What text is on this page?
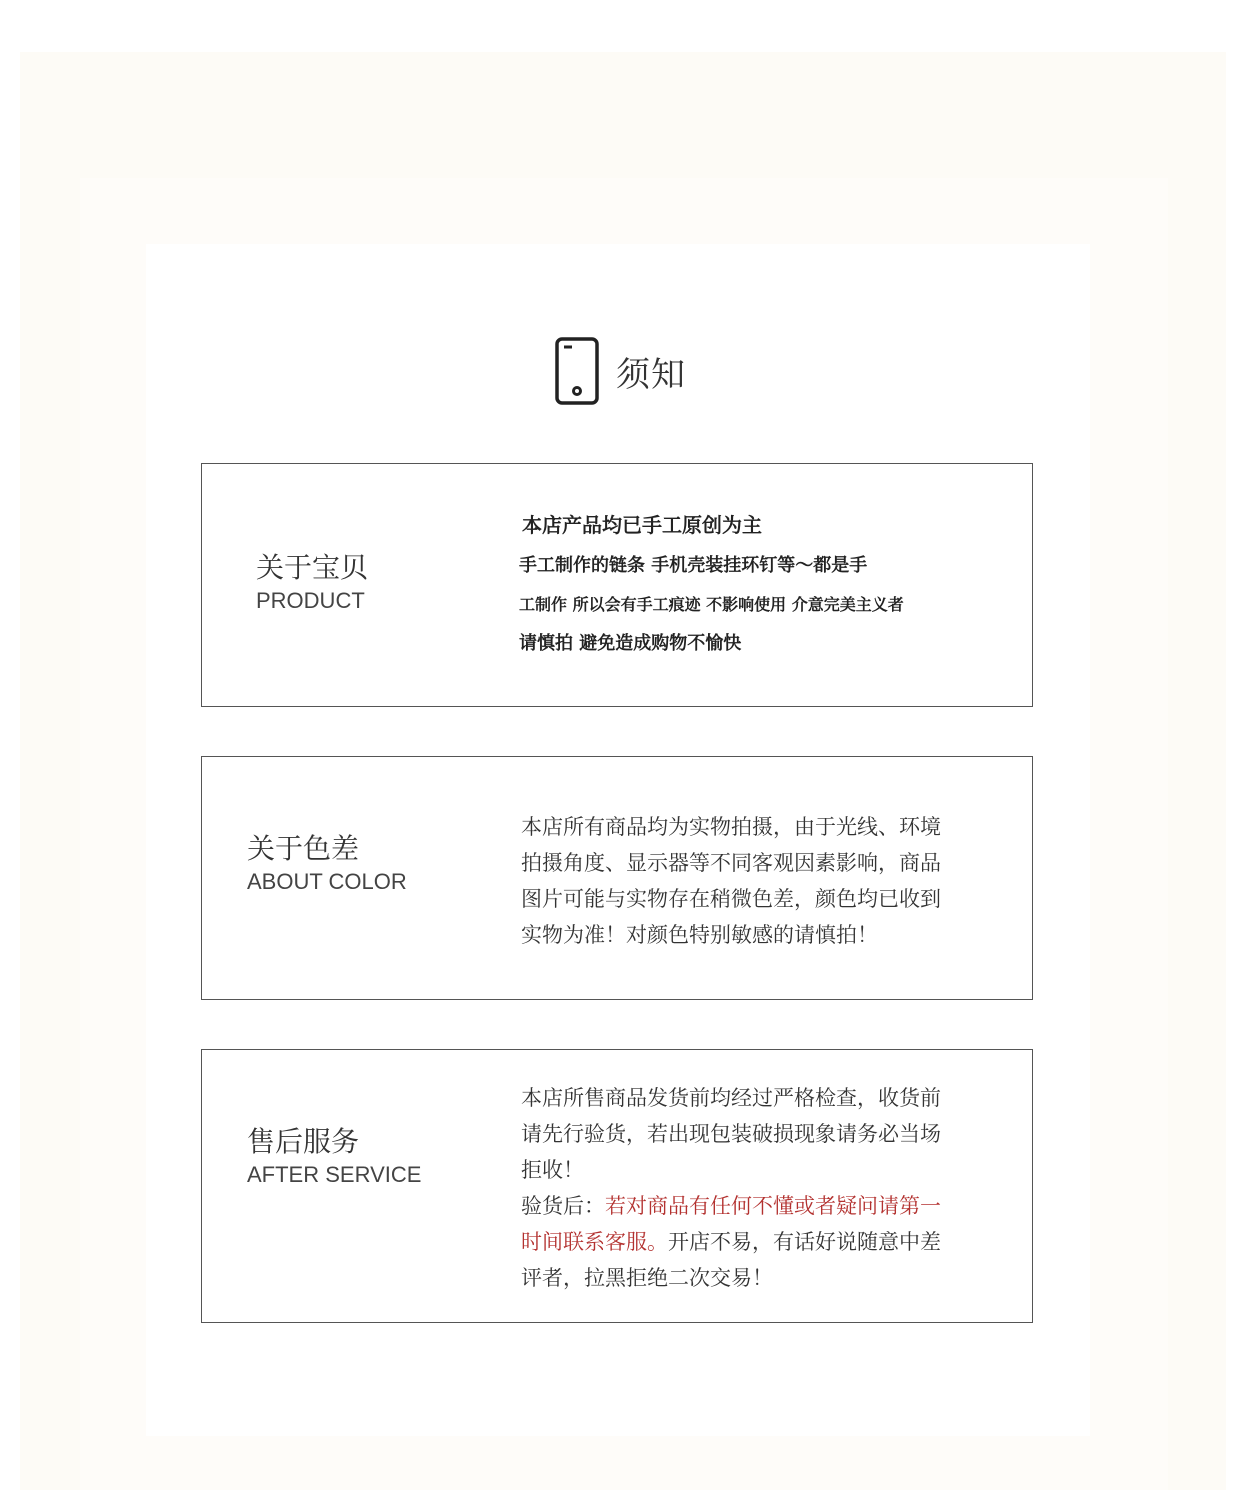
须知
关于宝贝
PRODUCT
本店产品均已手工原创为主
手工制作的链条 手机壳装挂环钉等～都是手
工制作 所以会有手工痕迹 不影响使用 介意完美主义者
请慎拍 避免造成购物不愉快
关于色差
ABOUT COLOR
本店所有商品均为实物拍摄，由于光线、环境
拍摄角度、显示器等不同客观因素影响，商品
图片可能与实物存在稍微色差，颜色均已收到
实物为准！对颜色特别敏感的请慎拍！
售后服务
AFTER SERVICE
本店所售商品发货前均经过严格检查，收货前
请先行验货，若出现包装破损现象请务必当场
拒收！
验货后：若对商品有任何不懂或者疑问请第一
时间联系客服。开店不易，有话好说随意中差
评者，拉黑拒绝二次交易！
